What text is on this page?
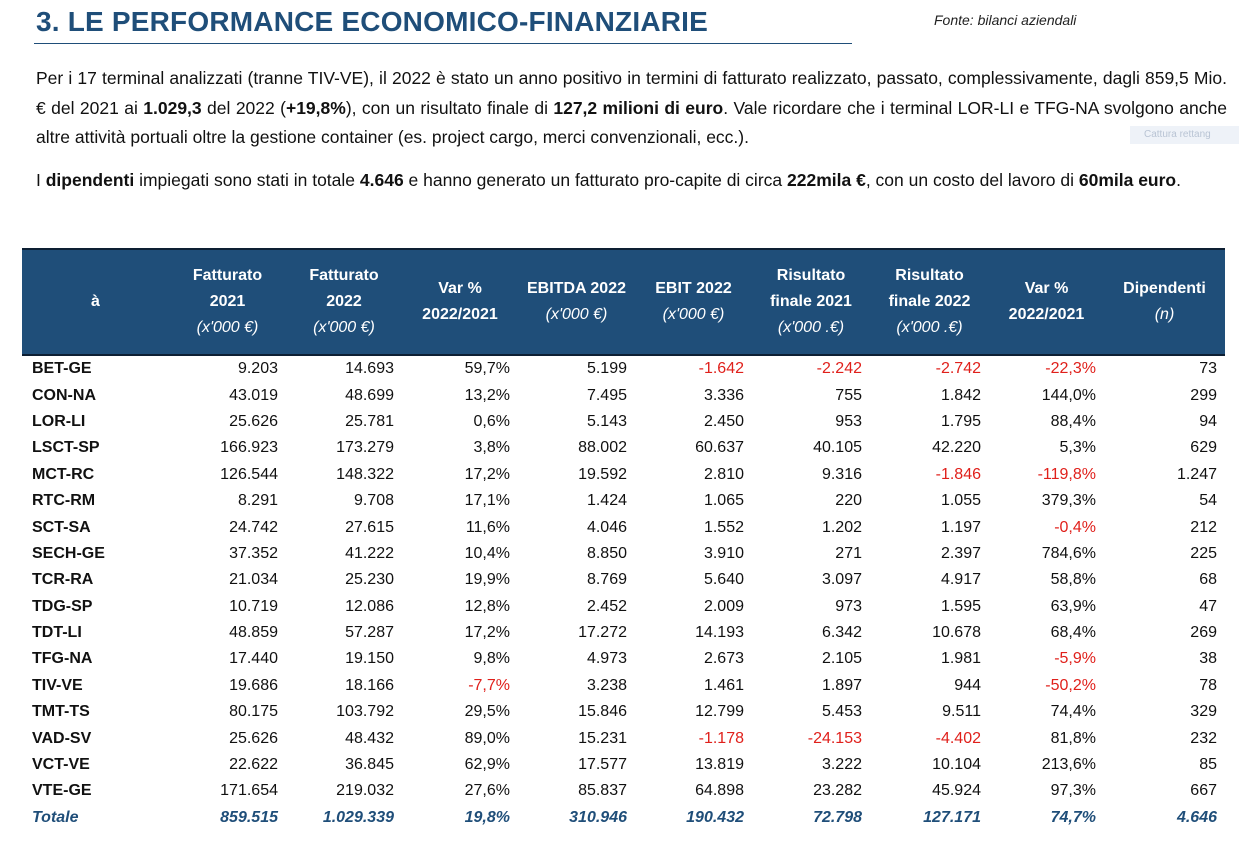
3. LE PERFORMANCE ECONOMICO-FINANZIARIE	Fonte: bilanci aziendali
Cattura rettang

Per i 17 terminal analizzati (tranne TIV-VE), il 2022 è stato un anno positivo in termini di fatturato realizzato, passato, complessivamente, dagli 859,5 Mio.€ del 2021 ai 1.029,3 del 2022 (+19,8%), con un risultato finale di 127,2 milioni di euro. Vale ricordare che i terminal LOR-LI e TFG-NA svolgono anche altre attività portuali oltre la gestione container (es. project cargo, merci convenzionali, ecc.).

I dipendenti impiegati sono stati in totale 4.646 e hanno generato un fatturato pro-capite di circa 222mila €, con un costo del lavoro di 60mila euro.

à	Fatturato
2021
(x'000 €)	Fatturato
2022
(x'000 €)	Var %
2022/2021	EBITDA 2022
(x'000 €)	EBIT 2022
(x'000 €)	Risultato
finale 2021
(x'000 .€)	Risultato
finale 2022
(x'000 .€)	Var %
2022/2021	Dipendenti
(n)

BET-GE	9.203	14.693	59,7%	5.199	-1.642	-2.242	-2.742	-22,3%	73
CON-NA	43.019	48.699	13,2%	7.495	3.336	755	1.842	144,0%	299
LOR-LI	25.626	25.781	0,6%	5.143	2.450	953	1.795	88,4%	94
LSCT-SP	166.923	173.279	3,8%	88.002	60.637	40.105	42.220	5,3%	629
MCT-RC	126.544	148.322	17,2%	19.592	2.810	9.316	-1.846	-119,8%	1.247
RTC-RM	8.291	9.708	17,1%	1.424	1.065	220	1.055	379,3%	54
SCT-SA	24.742	27.615	11,6%	4.046	1.552	1.202	1.197	-0,4%	212
SECH-GE	37.352	41.222	10,4%	8.850	3.910	271	2.397	784,6%	225
TCR-RA	21.034	25.230	19,9%	8.769	5.640	3.097	4.917	58,8%	68
TDG-SP	10.719	12.086	12,8%	2.452	2.009	973	1.595	63,9%	47
TDT-LI	48.859	57.287	17,2%	17.272	14.193	6.342	10.678	68,4%	269
TFG-NA	17.440	19.150	9,8%	4.973	2.673	2.105	1.981	-5,9%	38
TIV-VE	19.686	18.166	-7,7%	3.238	1.461	1.897	944	-50,2%	78
TMT-TS	80.175	103.792	29,5%	15.846	12.799	5.453	9.511	74,4%	329
VAD-SV	25.626	48.432	89,0%	15.231	-1.178	-24.153	-4.402	81,8%	232
VCT-VE	22.622	36.845	62,9%	17.577	13.819	3.222	10.104	213,6%	85
VTE-GE	171.654	219.032	27,6%	85.837	64.898	23.282	45.924	97,3%	667
Totale	859.515	1.029.339	19,8%	310.946	190.432	72.798	127.171	74,7%	4.646
